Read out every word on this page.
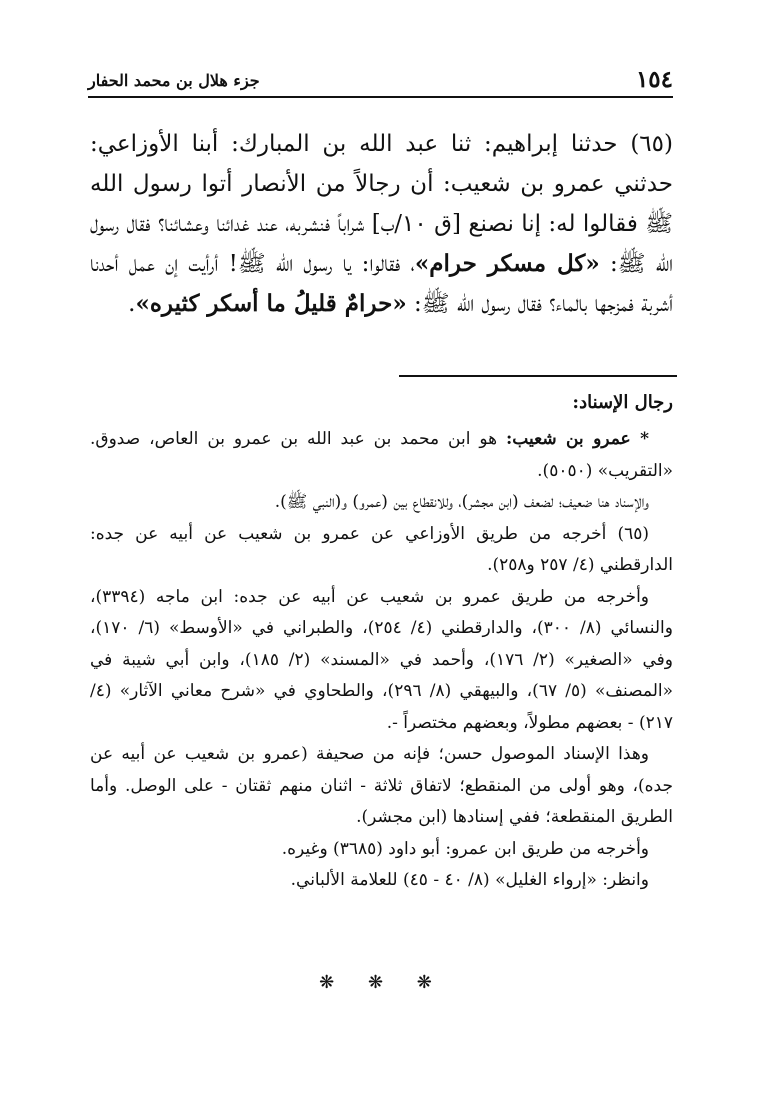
١٥٤
جزء هلال بن محمد الحفار

(٦٥) حدثنا إبراهيم: ثنا عبد الله بن المبارك: أبنا الأوزاعي: حدثني عمرو بن شعيب: أن رجالاً من الأنصار أتوا رسول الله ﷺ فقالوا له: إنا نصنع [ق ١٠/ب] شراباً فنشربه، عند غدائنا وعشائنا؟ فقال رسول الله ﷺ: «كل مسكر حرام»، فقالوا: يا رسول الله ﷺ! أرأيت إن عمل أحدنا أشربة فمزجها بالماء؟ فقال رسول الله ﷺ: «حرامٌ قليلُ ما أسكر كثيره».

رجال الإسناد:

* عمرو بن شعيب: هو ابن محمد بن عبد الله بن عمرو بن العاص، صدوق. «التقريب» (٥٠٥٠).

والإسناد هنا ضعيف؛ لضعف (ابن مجشر)، وللانقطاع بين (عمرو) و(النبي ﷺ).

(٦٥) أخرجه من طريق الأوزاعي عن عمرو بن شعيب عن أبيه عن جده: الدارقطني (٤/ ٢٥٧ و٢٥٨).

وأخرجه من طريق عمرو بن شعيب عن أبيه عن جده: ابن ماجه (٣٣٩٤)، والنسائي (٨/ ٣٠٠)، والدارقطني (٤/ ٢٥٤)، والطبراني في «الأوسط» (٦/ ١٧٠)، وفي «الصغير» (٢/ ١٧٦)، وأحمد في «المسند» (٢/ ١٨٥)، وابن أبي شيبة في «المصنف» (٥/ ٦٧)، والبيهقي (٨/ ٢٩٦)، والطحاوي في «شرح معاني الآثار» (٤/ ٢١٧) - بعضهم مطولاً، وبعضهم مختصراً -.

وهذا الإسناد الموصول حسن؛ فإنه من صحيفة (عمرو بن شعيب عن أبيه عن جده)، وهو أولى من المنقطع؛ لاتفاق ثلاثة - اثنان منهم ثقتان - على الوصل. وأما الطريق المنقطعة؛ ففي إسنادها (ابن مجشر).

وأخرجه من طريق ابن عمرو: أبو داود (٣٦٨٥) وغيره.

وانظر: «إرواء الغليل» (٨/ ٤٠ - ٤٥) للعلامة الألباني.

❋ ❋ ❋
